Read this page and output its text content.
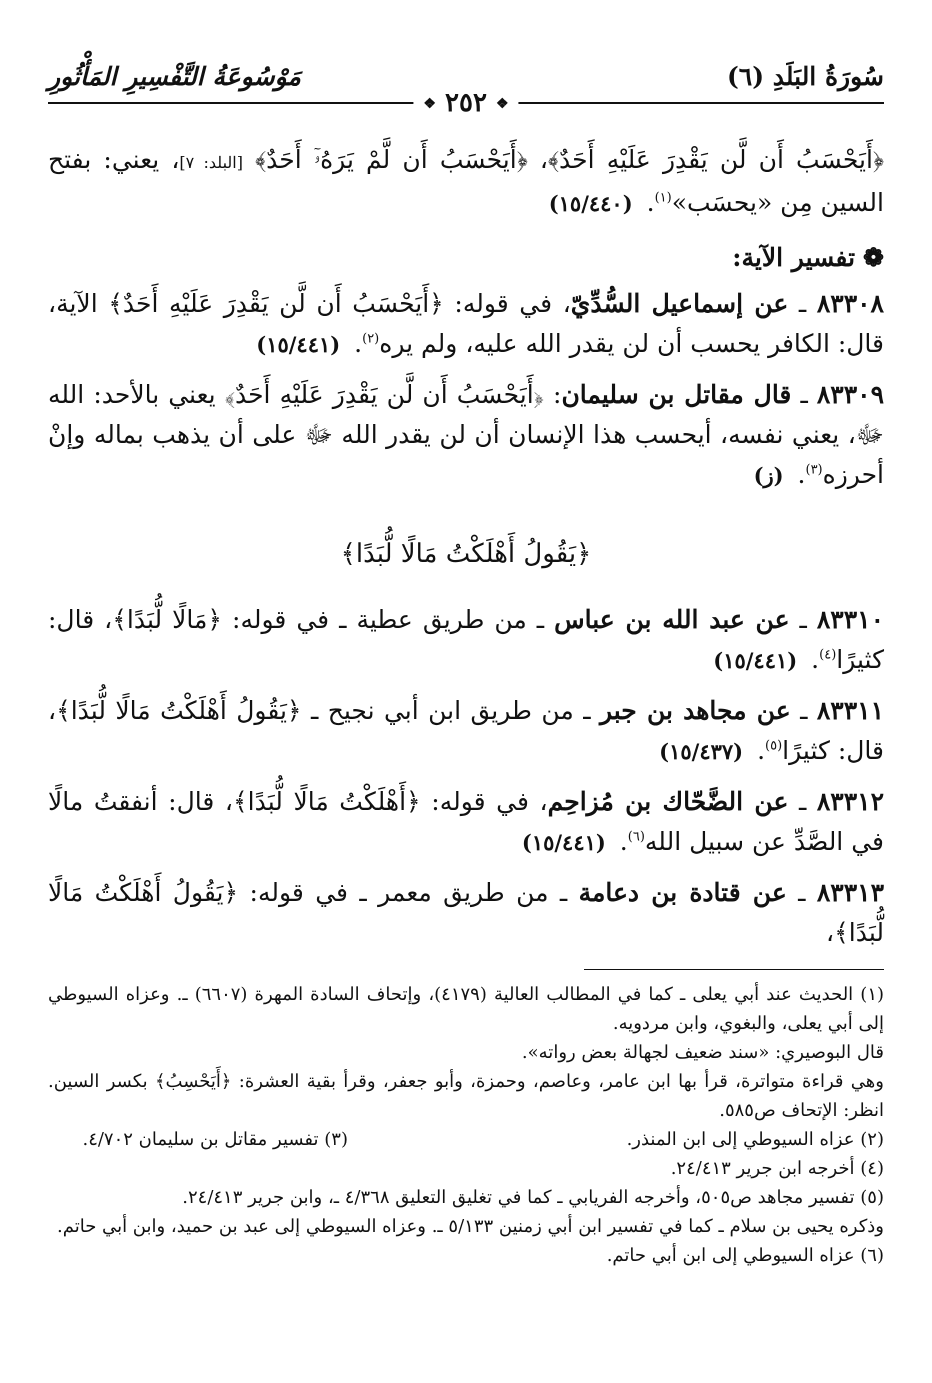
سُورَةُ البَلَدِ (٦)
مَوْسُوعَةُ التَّفْسِيرِ المَأْثُورِ
❖ ٢٥٢ ❖

﴿أَيَحْسَبُ أَن لَّن يَقْدِرَ عَلَيْهِ أَحَدٌ﴾، ﴿أَيَحْسَبُ أَن لَّمْ يَرَهُۥٓ أَحَدٌ﴾ [البلد: ٧]، يعني: بفتح السين مِن «يحسَب»$^{(١)}$. (١٥/٤٤٠)

❁تفسير الآية:

٨٣٣٠٨ ـ عن إسماعيل السُّدِّيّ، في قوله: ﴿أَيَحْسَبُ أَن لَّن يَقْدِرَ عَلَيْهِ أَحَدٌ﴾ الآية، قال: الكافر يحسب أن لن يقدر الله عليه، ولم يره$^{(٢)}$. (١٥/٤٤١)

٨٣٣٠٩ ـ قال مقاتل بن سليمان: ﴿أَيَحْسَبُ أَن لَّن يَقْدِرَ عَلَيْهِ أَحَدٌ﴾ يعني بالأحد: الله ﷻ، يعني نفسه، أيحسب هذا الإنسان أن لن يقدر الله ﷻ على أن يذهب بماله وإنْ أحرزه$^{(٣)}$. (ز)

﴿يَقُولُ أَهْلَكْتُ مَالًا لُّبَدًا﴾

٨٣٣١٠ ـ عن عبد الله بن عباس ـ من طريق عطية ـ في قوله: ﴿مَالًا لُّبَدًا﴾، قال: كثيرًا$^{(٤)}$. (١٥/٤٤١)

٨٣٣١١ ـ عن مجاهد بن جبر ـ من طريق ابن أبي نجيح ـ ﴿يَقُولُ أَهْلَكْتُ مَالًا لُّبَدًا﴾، قال: كثيرًا$^{(٥)}$. (١٥/٤٣٧)

٨٣٣١٢ ـ عن الضَّحّاك بن مُزاحِم، في قوله: ﴿أَهْلَكْتُ مَالًا لُّبَدًا﴾، قال: أنفقتُ مالًا في الصَّدِّ عن سبيل الله$^{(٦)}$. (١٥/٤٤١)

٨٣٣١٣ ـ عن قتادة بن دعامة ـ من طريق معمر ـ في قوله: ﴿يَقُولُ أَهْلَكْتُ مَالًا لُّبَدًا﴾،

(١) الحديث عند أبي يعلى ـ كما في المطالب العالية (٤١٧٩)، وإتحاف السادة المهرة (٦٦٠٧) ـ. وعزاه السيوطي إلى أبي يعلى، والبغوي، وابن مردويه.

قال البوصيري: «سند ضعيف لجهالة بعض رواته».

وهي قراءة متواترة، قرأ بها ابن عامر، وعاصم، وحمزة، وأبو جعفر، وقرأ بقية العشرة: ﴿أَيَحْسِبُ﴾ بكسر السين. انظر: الإتحاف ص٥٨٥.

(٢) عزاه السيوطي إلى ابن المنذر.

(٣) تفسير مقاتل بن سليمان ٤/٧٠٢.

(٤) أخرجه ابن جرير ٢٤/٤١٣.

(٥) تفسير مجاهد ص٥٠٥، وأخرجه الفريابي ـ كما في تغليق التعليق ٤/٣٦٨ ـ، وابن جرير ٢٤/٤١٣.

وذكره يحيى بن سلام ـ كما في تفسير ابن أبي زمنين ٥/١٣٣ ـ. وعزاه السيوطي إلى عبد بن حميد، وابن أبي حاتم.

(٦) عزاه السيوطي إلى ابن أبي حاتم.
